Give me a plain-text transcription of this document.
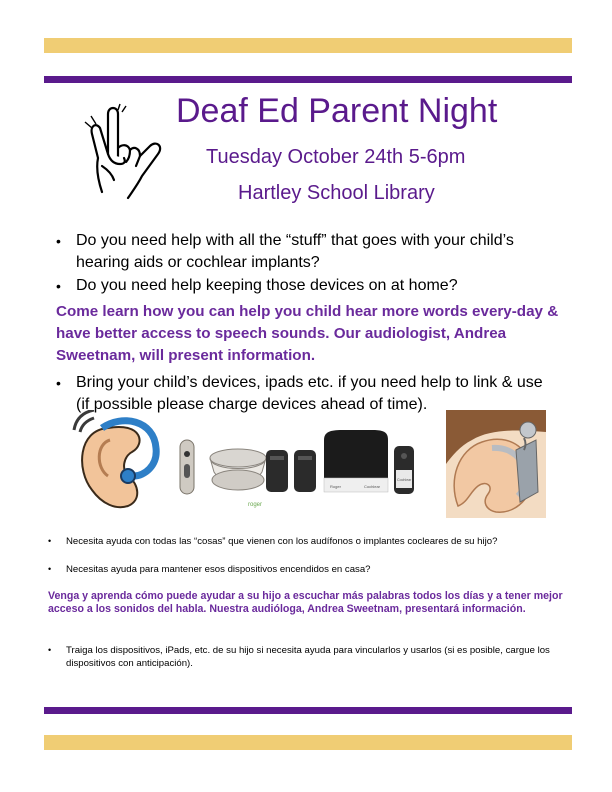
Deaf Ed Parent Night
Tuesday October 24th 5-6pm
Hartley School Library
• Do you need help with all the “stuff” that goes with your child’s hearing aids or cochlear implants?
• Do you need help keeping those devices on at home?
Come learn how you can help you child hear more words every-day & have better access to speech sounds. Our audiologist, Andrea Sweetnam, will present information.
• Bring your child’s devices, ipads etc. if you need help to link & use (if possible please charge devices ahead of time).
roger
Roger	Cochlear
Cochlear
• Necesita ayuda con todas las “cosas” que vienen con los audífonos o implantes cocleares de su hijo?
• Necesitas ayuda para mantener esos dispositivos encendidos en casa?
Venga y aprenda cómo puede ayudar a su hijo a escuchar más palabras todos los días y a tener mejor acceso a los sonidos del habla. Nuestra audióloga, Andrea Sweetnam, presentará información.
• Traiga los dispositivos, iPads, etc. de su hijo si necesita ayuda para vincularlos y usarlos (si es posible, cargue los dispositivos con anticipación).
